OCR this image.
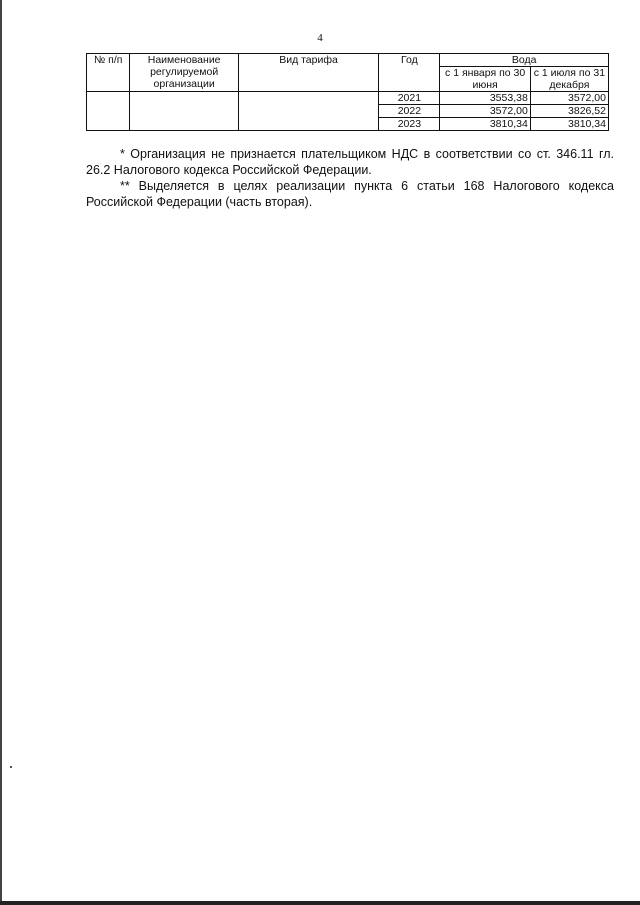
4
№ п/п	Наименование регулируемой организации	Вид тарифа	Год	Вода	
				с 1 января по 30 июня	с 1 июля по 31 декабря
			2021	3553,38	3572,00
			2022	3572,00	3826,52
			2023	3810,34	3810,34

* Организация не признается плательщиком НДС в соответствии со ст. 346.11 гл. 26.2 Налогового кодекса Российской Федерации.

** Выделяется в целях реализации пункта 6 статьи 168 Налогового кодекса Российской Федерации (часть вторая).
